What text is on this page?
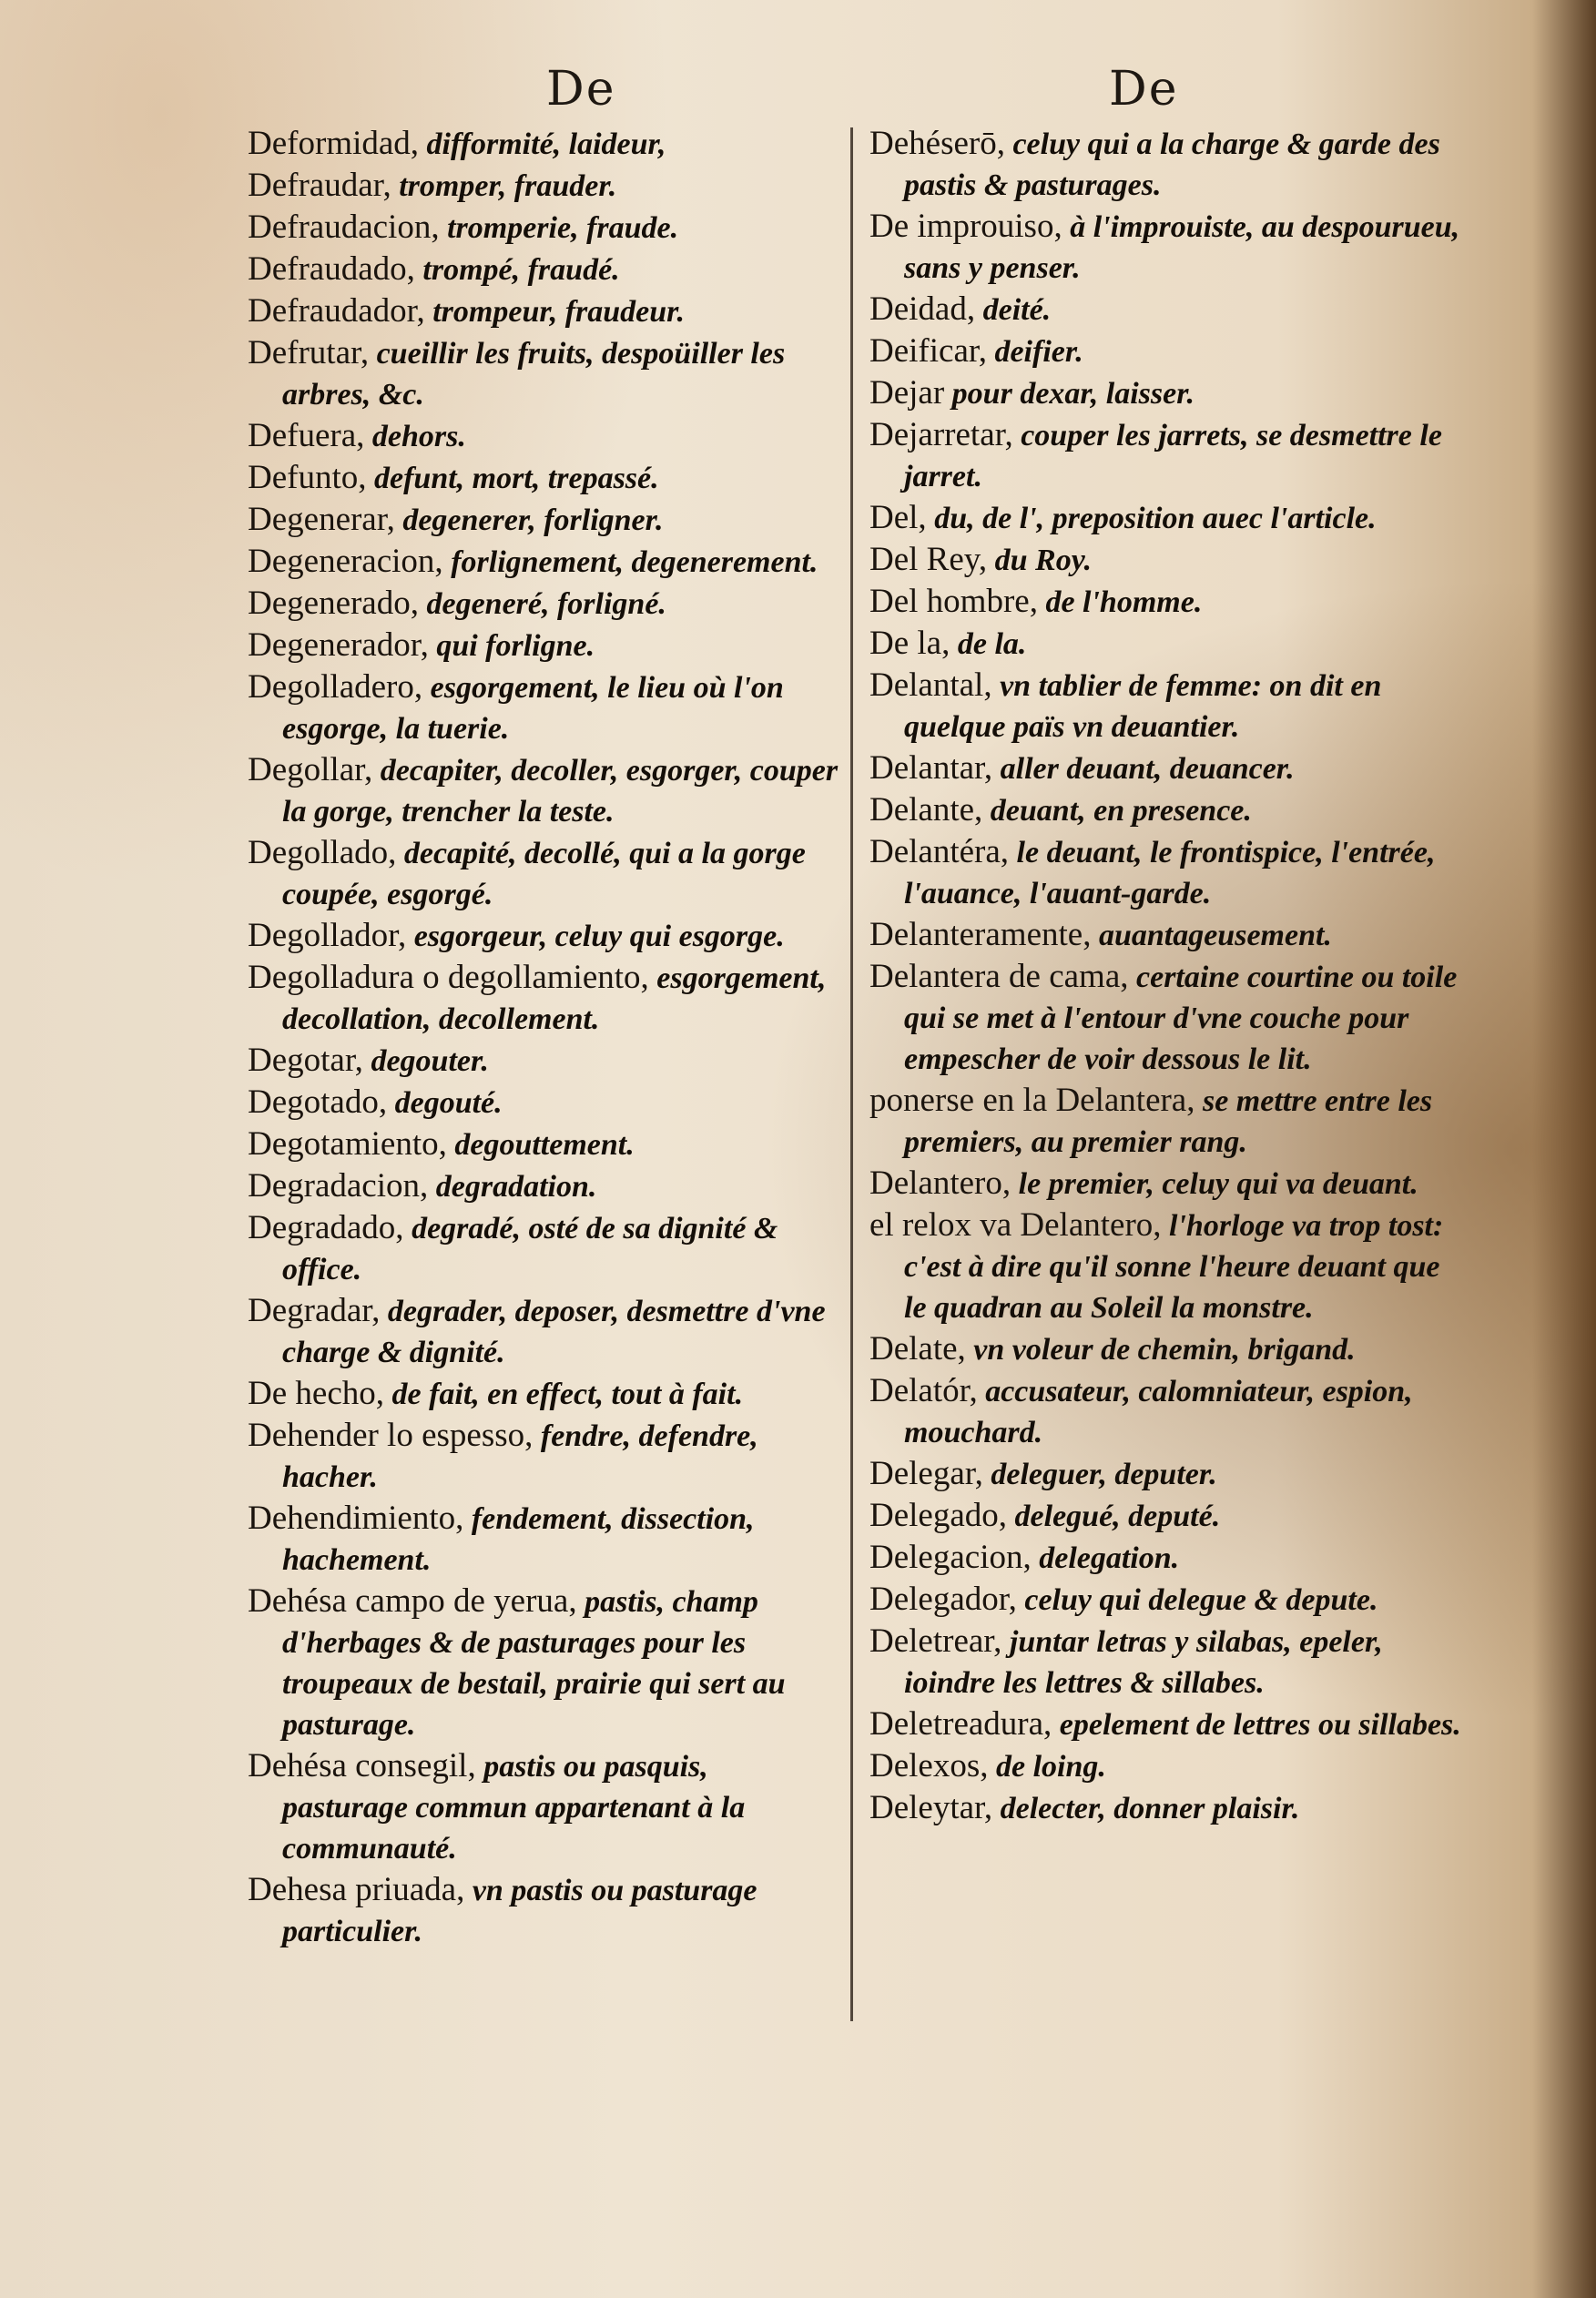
De	De

Deformidad, difformité, laideur,

Defraudar, tromper, frauder.

Defraudacion, tromperie, fraude.

Defraudado, trompé, fraudé.

Defraudador, trompeur, fraudeur.

Defrutar, cueillir les fruits, despoüiller les arbres, &c.

Defuera, dehors.

Defunto, defunt, mort, trepassé.

Degenerar, degenerer, forligner.

Degeneracion, forlignement, degenerement.

Degenerado, degeneré, forligné.

Degenerador, qui forligne.

Degolladero, esgorgement, le lieu où l'on esgorge, la tuerie.

Degollar, decapiter, decoller, esgorger, couper la gorge, trencher la teste.

Degollado, decapité, decollé, qui a la gorge coupée, esgorgé.

Degollador, esgorgeur, celuy qui esgorge.

Degolladura o degollamiento, esgorgement, decollation, decollement.

Degotar, degouter.

Degotado, degouté.

Degotamiento, degouttement.

Degradacion, degradation.

Degradado, degradé, osté de sa dignité & office.

Degradar, degrader, deposer, desmettre d'vne charge & dignité.

De hecho, de fait, en effect, tout à fait.

Dehender lo espesso, fendre, defendre, hacher.

Dehendimiento, fendement, dissection, hachement.

Dehésa campo de yerua, pastis, champ d'herbages & de pasturages pour les troupeaux de bestail, prairie qui sert au pasturage.

Dehésa consegil, pastis ou pasquis, pasturage commun appartenant à la communauté.

Dehesa priuada, vn pastis ou pasturage particulier.

Dehéserō, celuy qui a la charge & garde des pastis & pasturages.

De improuiso, à l'improuiste, au despourueu, sans y penser.

Deidad, deité.

Deificar, deifier.

Dejar pour dexar, laisser.

Dejarretar, couper les jarrets, se desmettre le jarret.

Del, du, de l', preposition auec l'article.

Del Rey, du Roy.

Del hombre, de l'homme.

De la, de la.

Delantal, vn tablier de femme: on dit en quelque païs vn deuantier.

Delantar, aller deuant, deuancer.

Delante, deuant, en presence.

Delantéra, le deuant, le frontispice, l'entrée, l'auance, l'auant-garde.

Delanteramente, auantageusement.

Delantera de cama, certaine courtine ou toile qui se met à l'entour d'vne couche pour empescher de voir dessous le lit.

ponerse en la Delantera, se mettre entre les premiers, au premier rang.

Delantero, le premier, celuy qui va deuant.

el relox va Delantero, l'horloge va trop tost: c'est à dire qu'il sonne l'heure deuant que le quadran au Soleil la monstre.

Delate, vn voleur de chemin, brigand.

Delatór, accusateur, calomniateur, espion, mouchard.

Delegar, deleguer, deputer.

Delegado, delegué, deputé.

Delegacion, delegation.

Delegador, celuy qui delegue & depute.

Deletrear, juntar letras y silabas, epeler, ioindre les lettres & sillabes.

Deletreadura, epelement de lettres ou sillabes.

Delexos, de loing.

Deleytar, delecter, donner plaisir.
